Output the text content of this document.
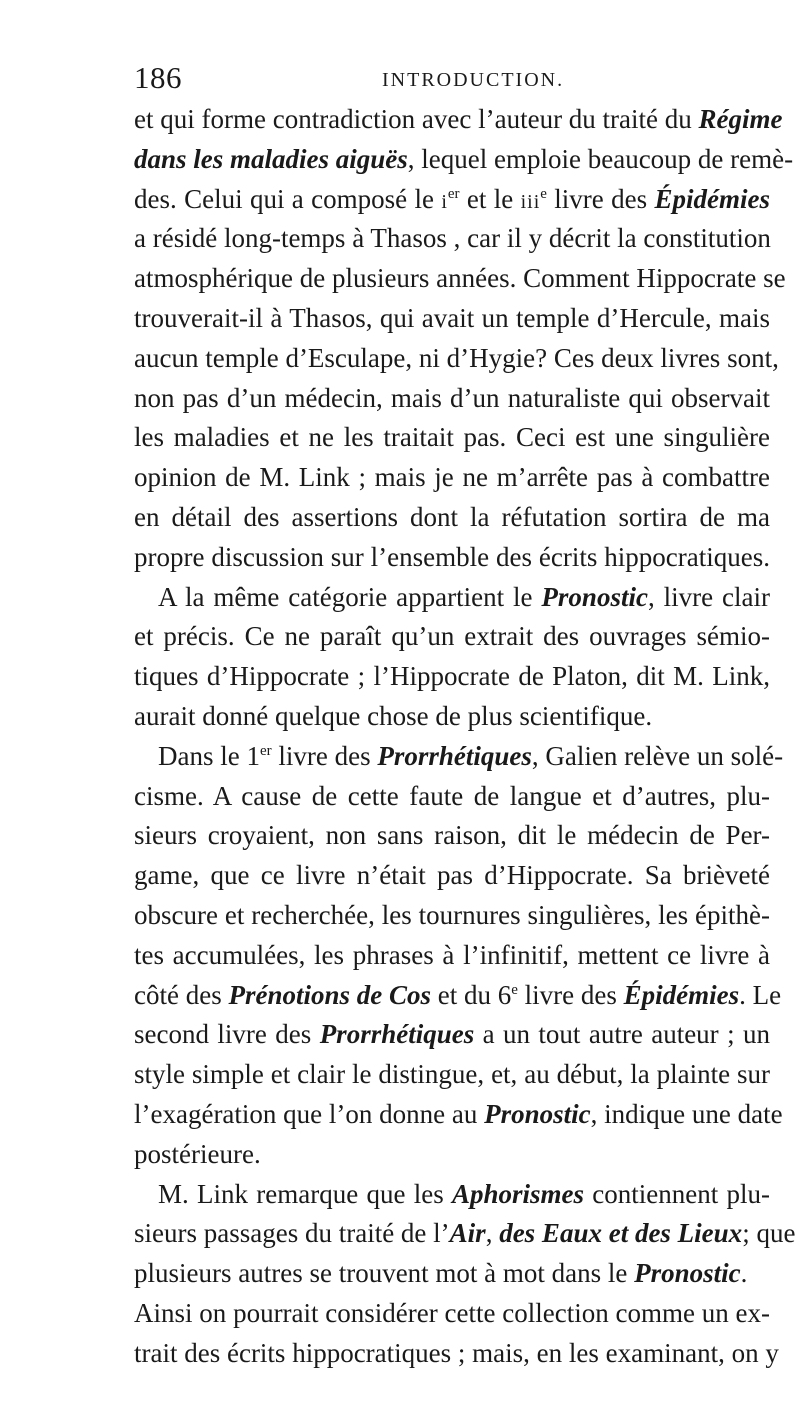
186	INTRODUCTION.
et qui forme contradiction avec l’auteur du traité du Régime
dans les maladies aiguës, lequel emploie beaucoup de remè-
des. Celui qui a composé le $i^{er}$ et le iii$^e$ livre des Épidémies
a résidé long-temps à Thasos , car il y décrit la constitution
atmosphérique de plusieurs années. Comment Hippocrate se
trouverait-il à Thasos, qui avait un temple d’Hercule, mais
aucun temple d’Esculape, ni d’Hygie? Ces deux livres sont,
non pas d’un médecin, mais d’un naturaliste qui observait
les maladies et ne les traitait pas. Ceci est une singulière
opinion de M. Link ; mais je ne m’arrête pas à combattre
en détail des assertions dont la réfutation sortira de ma
propre discussion sur l’ensemble des écrits hippocratiques.
A la même catégorie appartient le Pronostic, livre clair
et précis. Ce ne paraît qu’un extrait des ouvrages sémio-
tiques d’Hippocrate ; l’Hippocrate de Platon, dit M. Link,
aurait donné quelque chose de plus scientifique.
Dans le 1er livre des Prorrhétiques, Galien relève un solé-
cisme. A cause de cette faute de langue et d’autres, plu-
sieurs croyaient, non sans raison, dit le médecin de Per-
game, que ce livre n’était pas d’Hippocrate. Sa brièveté
obscure et recherchée, les tournures singulières, les épithè-
tes accumulées, les phrases à l’infinitif, mettent ce livre à
côté des Prénotions de Cos et du 6e livre des Épidémies. Le
second livre des Prorrhétiques a un tout autre auteur ; un
style simple et clair le distingue, et, au début, la plainte sur
l’exagération que l’on donne au Pronostic, indique une date
postérieure.
M. Link remarque que les Aphorismes contiennent plu-
sieurs passages du traité de l’Air, des Eaux et des Lieux; que
plusieurs autres se trouvent mot à mot dans le Pronostic.
Ainsi on pourrait considérer cette collection comme un ex-
trait des écrits hippocratiques ; mais, en les examinant, on y
